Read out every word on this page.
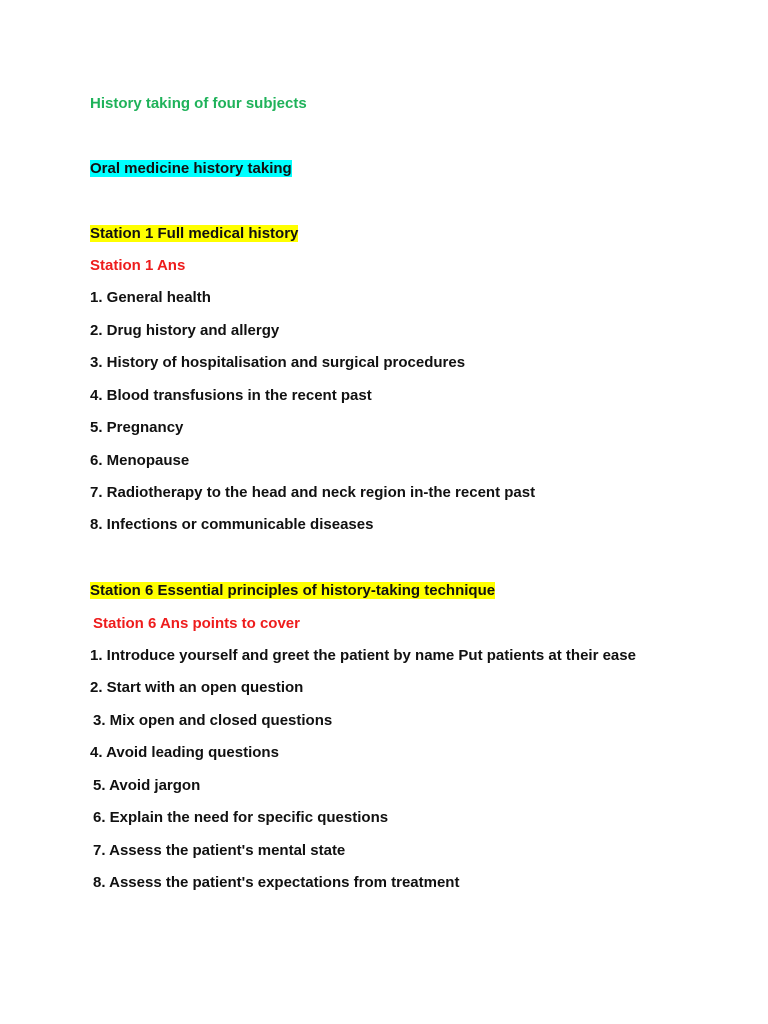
History taking of four subjects
Oral medicine history taking
Station 1 Full medical history
Station 1 Ans
1. General health
2. Drug history and allergy
3. History of hospitalisation and surgical procedures
4. Blood transfusions in the recent past
5. Pregnancy
6. Menopause
7. Radiotherapy to the head and neck region in-the recent past
8. Infections or communicable diseases
Station 6 Essential principles of history-taking technique
Station 6 Ans points to cover
1. Introduce yourself and greet the patient by name Put patients at their ease
2. Start with an open question
3. Mix open and closed questions
4. Avoid leading questions
5. Avoid jargon
6. Explain the need for specific questions
7. Assess the patient's mental state
8. Assess the patient's expectations from treatment
